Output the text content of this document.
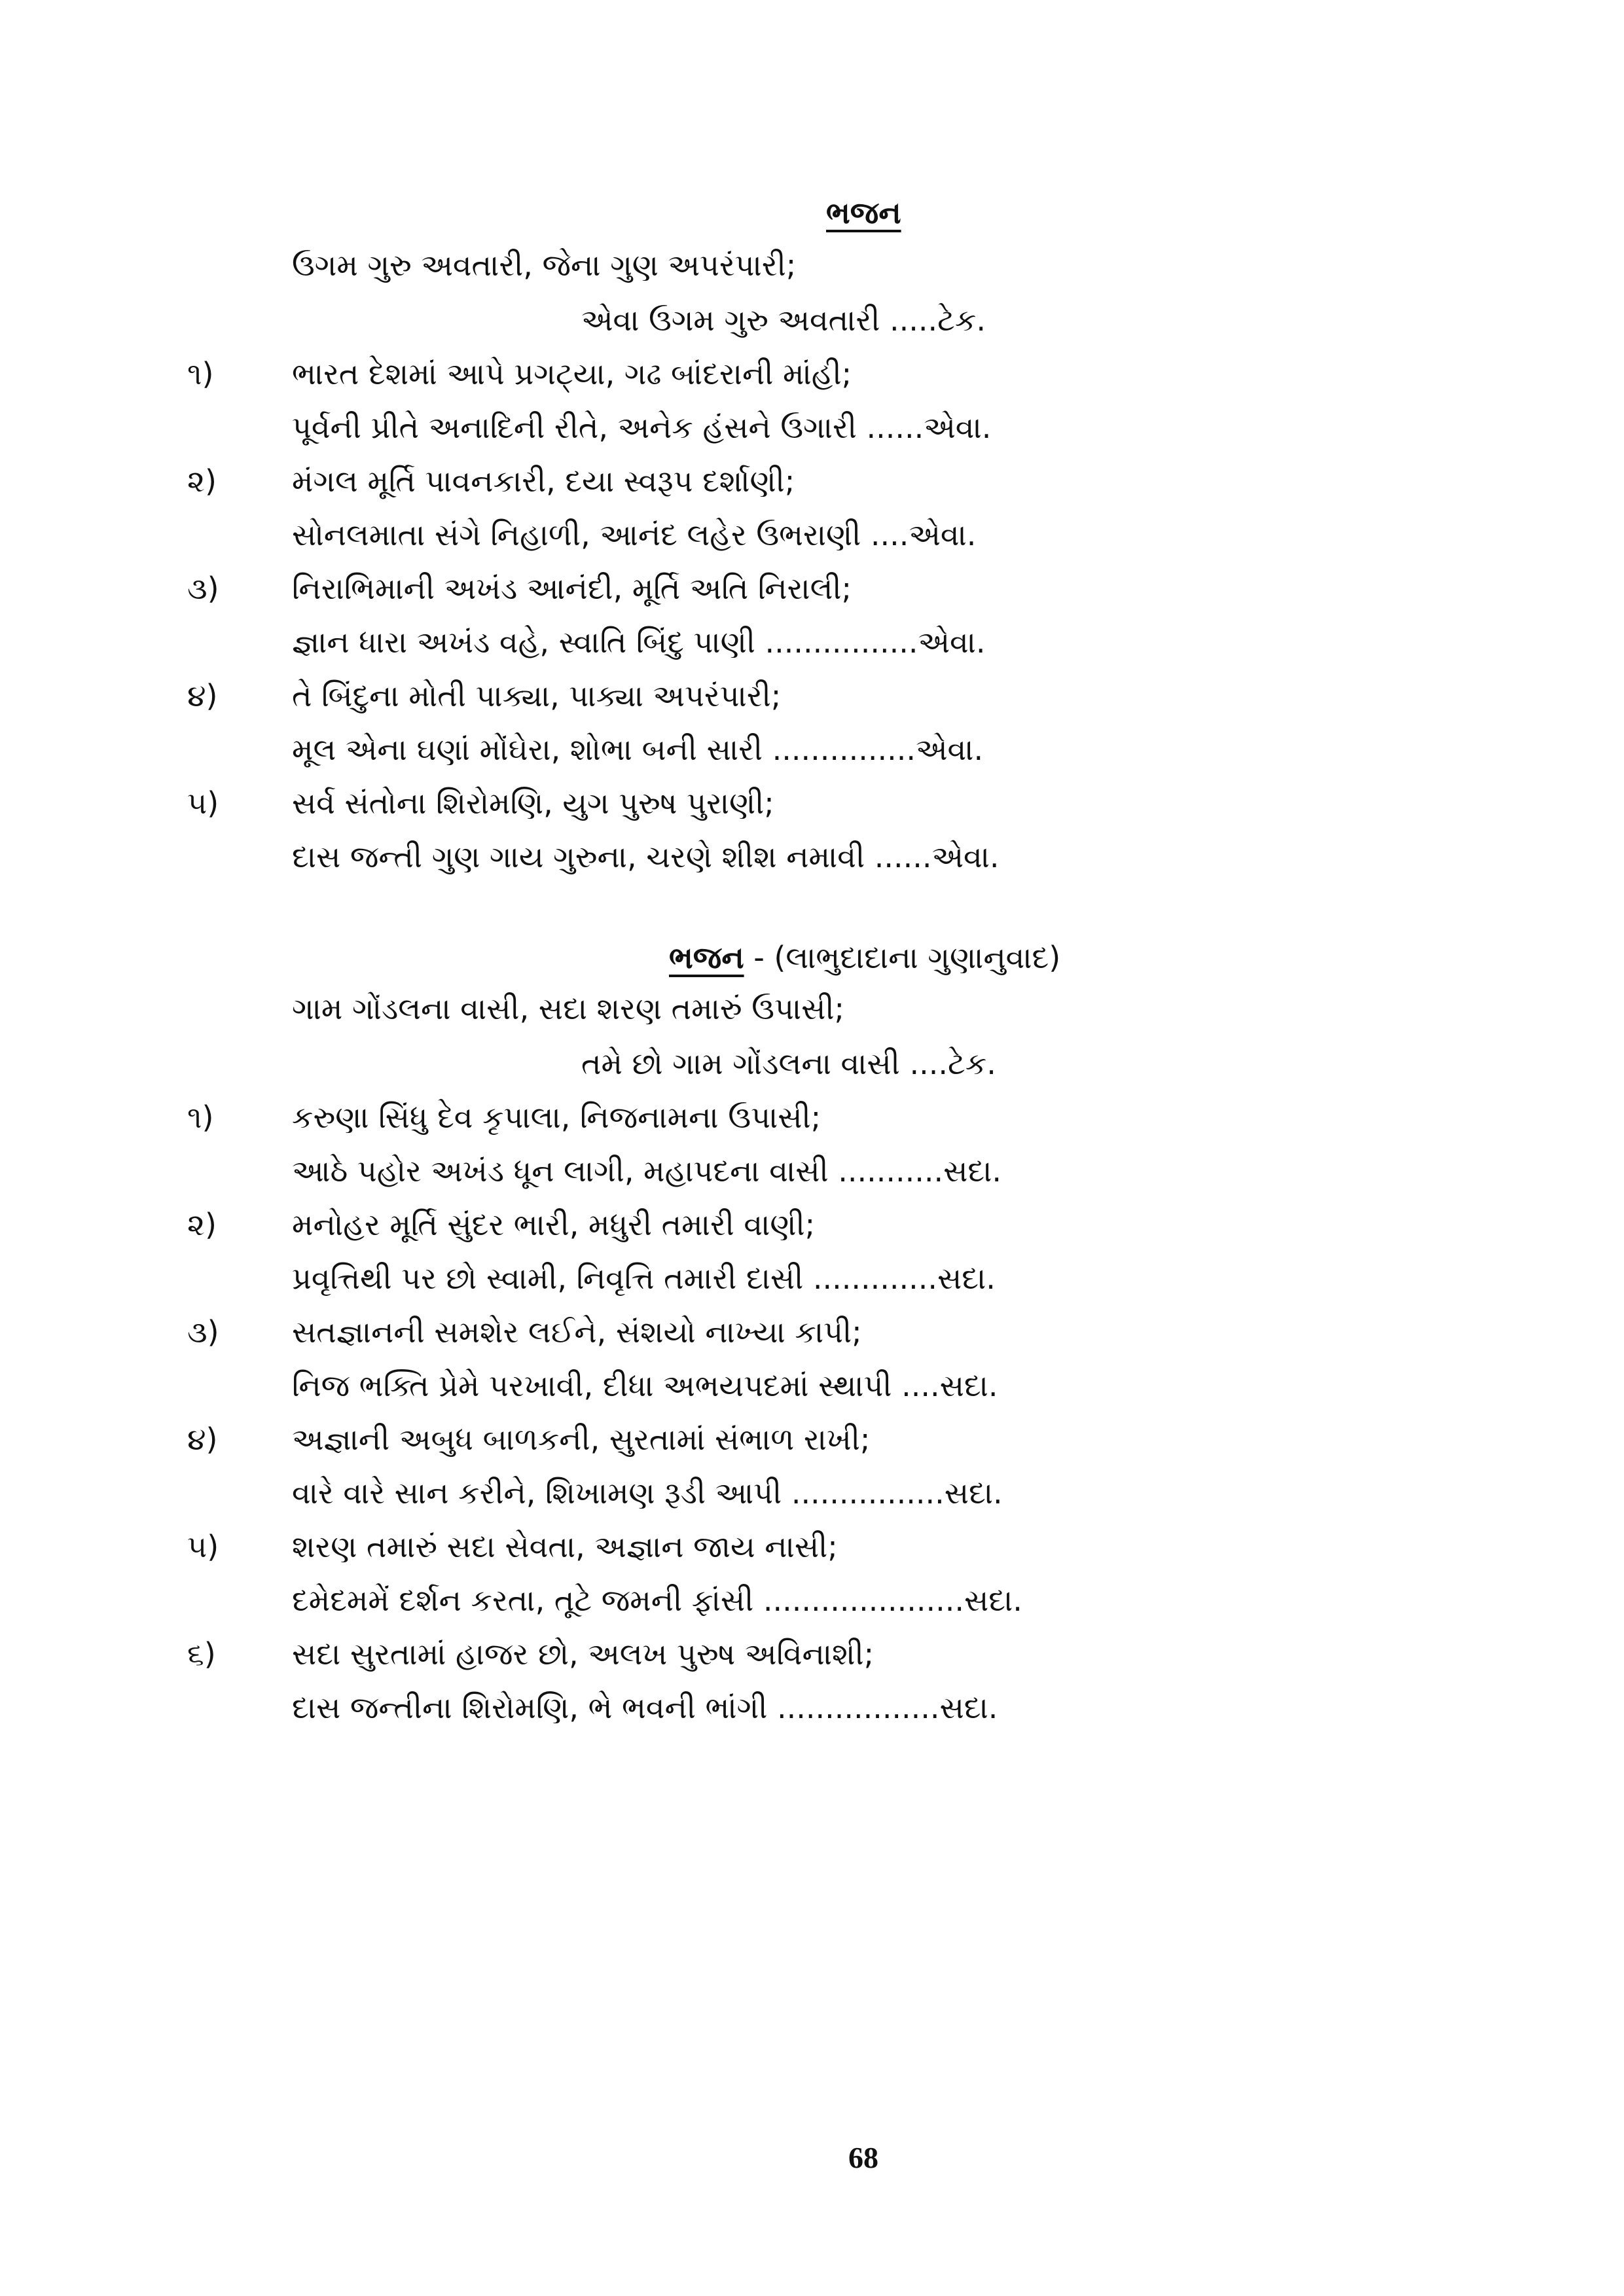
ભજન
ઉગમ ગુરુ અવતારી, જેના ગુણ અપરંપારી;
એવા ઉગમ ગુરુ અવતારી .....ટેક.
૧)	ભારત દેશમાં આપે પ્રગટ્યા, ગઢ બાંદરાની માંહી;
પૂર્વની પ્રીતે અનાદિની રીતે, અનેક હંસને ઉગારી ......એવા.
૨)	મંગલ મૂર્તિ પાવનકારી, દયા સ્વરૂપ દર્શાણી;
સોનલમાતા સંગે નિહાળી, આનંદ લહેર ઉભરાણી ....એવા.
૩) નિરાભિમાની અખંડ આનંદી, મૂર્તિ અતિ નિરાલી;
જ્ઞાન ધારા અખંડ વહે, સ્વાતિ બિંદુ પાણી ................એવા.
૪) તે બિંદુના મોતી પાક્યા, પાક્યા અપરંપારી;
મૂલ એના ઘણાં મોંઘેરા, શોભા બની સારી ...............એવા.
૫) સર્વ સંતોના શિરોમણિ, યુગ પુરુષ પુરાણી;
દાસ જન્તી ગુણ ગાય ગુરુના, ચરણે શીશ નમાવી ......એવા.
ભજન - (લાભુદાદાના ગુણાનુવાદ)
ગામ ગોંડલના વાસી, સદા શરણ તમારું ઉપાસી;
તમે છો ગામ ગોંડલના વાસી ....ટેક.
૧)	કરુણા સિંધુ દેવ કૃપાલા, નિજનામના ઉપાસી;
આઠે પહોર અખંડ ધૂન લાગી, મહાપદના વાસી ...........સદા.
૨)	મનોહર મૂર્તિ સુંદર ભારી, મધુરી તમારી વાણી;
પ્રવૃત્તિથી પર છો સ્વામી, નિવૃત્તિ તમારી દાસી .............સદા.
૩) સતજ્ઞાનની સમશેર લઈને, સંશયો નાખ્યા કાપી;
નિજ ભક્તિ પ્રેમે પરખાવી, દીધા અભયપદમાં સ્થાપી ....સદા.
૪) અજ્ઞાની અબુધ બાળકની, સુરતામાં સંભાળ રાખી;
વારે વારે સાન કરીને, શિખામણ રૂડી આપી ................સદા.
૫) શરણ તમારું સદા સેવતા, અજ્ઞાન જાય નાસી;
દમેદમમેં દર્શન કરતા, તૂટે જમની ફાંસી .....................સદા.
૬)	સદા સુરતામાં હાજર છો, અલખ પુરુષ અવિનાશી;
દાસ જન્તીના શિરોમણિ, ભે ભવની ભાંગી .................સદા.
68
